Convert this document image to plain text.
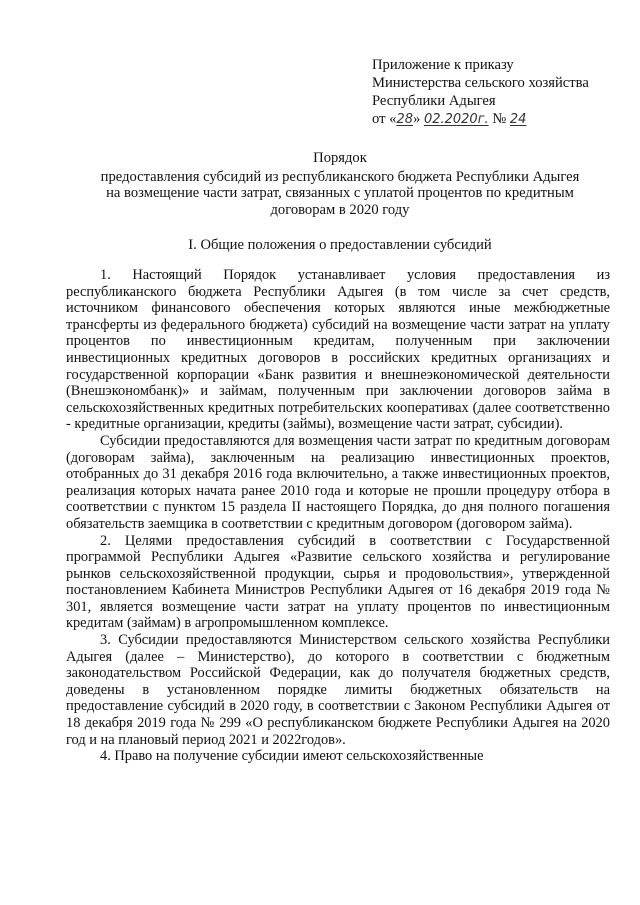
Приложение к приказу
Министерства сельского хозяйства
Республики Адыгея
от «28» 02.2020г. № 24
Порядок
предоставления субсидий из республиканского бюджета Республики Адыгея
на возмещение части затрат, связанных с уплатой процентов по кредитным
договорам в 2020 году
I. Общие положения о предоставлении субсидий

1. Настоящий Порядок устанавливает условия предоставления из республиканского бюджета Республики Адыгея (в том числе за счет средств, источником финансового обеспечения которых являются иные межбюджетные трансферты из федерального бюджета) субсидий на возмещение части затрат на уплату процентов по инвестиционным кредитам, полученным при заключении инвестиционных кредитных договоров в российских кредитных организациях и государственной корпорации «Банк развития и внешнеэкономической деятельности (Внешэкономбанк)» и займам, полученным при заключении договоров займа в сельскохозяйственных кредитных потребительских кооперативах (далее соответственно - кредитные организации, кредиты (займы), возмещение части затрат, субсидии).

Субсидии предоставляются для возмещения части затрат по кредитным договорам (договорам займа), заключенным на реализацию инвестиционных проектов, отобранных до 31 декабря 2016 года включительно, а также инвестиционных проектов, реализация которых начата ранее 2010 года и которые не прошли процедуру отбора в соответствии с пунктом 15 раздела II настоящего Порядка, до дня полного погашения обязательств заемщика в соответствии с кредитным договором (договором займа).

2. Целями предоставления субсидий в соответствии с Государственной программой Республики Адыгея «Развитие сельского хозяйства и регулирование рынков сельскохозяйственной продукции, сырья и продовольствия», утвержденной постановлением Кабинета Министров Республики Адыгея от 16 декабря 2019 года № 301, является возмещение части затрат на уплату процентов по инвестиционным кредитам (займам) в агропромышленном комплексе.

3. Субсидии предоставляются Министерством сельского хозяйства Республики Адыгея (далее – Министерство), до которого в соответствии с бюджетным законодательством Российской Федерации, как до получателя бюджетных средств, доведены в установленном порядке лимиты бюджетных обязательств на предоставление субсидий в 2020 году, в соответствии с Законом Республики Адыгея от 18 декабря 2019 года № 299 «О республиканском бюджете Республики Адыгея на 2020 год и на плановый период 2021 и 2022годов».

4. Право на получение субсидии имеют сельскохозяйственные
